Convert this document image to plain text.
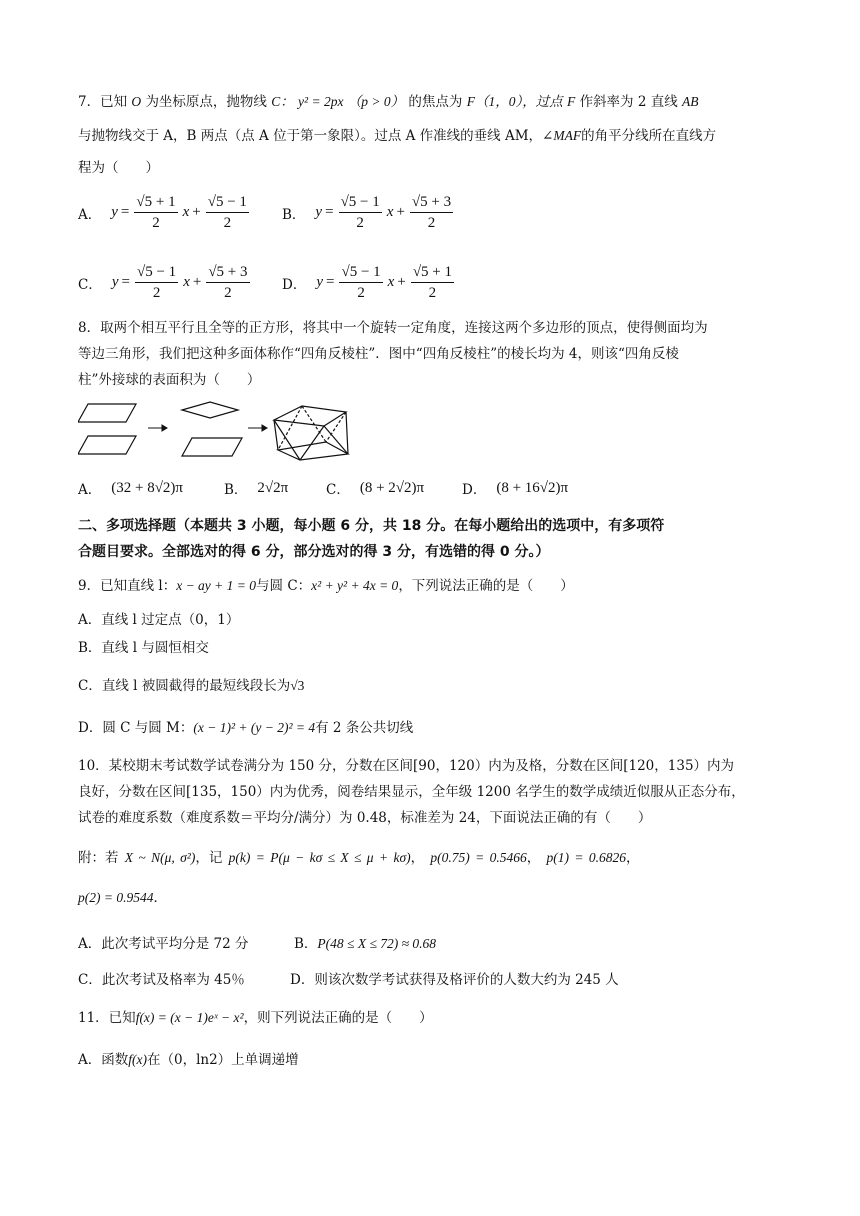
7．已知 O 为坐标原点，抛物线 C： y² = 2px （p > 0） 的焦点为 F（1，0），过点 F 作斜率为 2 直线 AB
与抛物线交于 A，B 两点（点 A 位于第一象限）。过点 A 作准线的垂线 AM，∠MAF的角平分线所在直线方
程为（　　）
A． $y = \frac{√5 + 1}{2}$ $x + \frac{√5 - 1}{2}$ B． $y = \frac{√5 - 1}{2}$ $x + \frac{√5 + 3}{2}$
C． $y = \frac{√5 - 1}{2}$ $x + \frac{√5 + 3}{2}$ D． $y = \frac{√5 - 1}{2}$ $x + \frac{√5 + 1}{2}$
8．取两个相互平行且全等的正方形，将其中一个旋转一定角度，连接这两个多边形的顶点，使得侧面均为
等边三角形，我们把这种多面体称作“四角反棱柱”．图中“四角反棱柱”的棱长均为 4，则该“四角反棱
柱”外接球的表面积为（　　）
A． (32 + 8√2)π	B． 2√2π	C． (8 + 2√2)π	D． (8 + 16√2)π
二、多项选择题（本题共 3 小题，每小题 6 分，共 18 分。在每小题给出的选项中，有多项符
合题目要求。全部选对的得 6 分，部分选对的得 3 分，有选错的得 0 分。）
9．已知直线 l：x − ay + 1 = 0与圆 C：x² + y² + 4x = 0，下列说法正确的是（　　）
A．直线 l 过定点（0，1）
B．直线 l 与圆恒相交
C．直线 l 被圆截得的最短线段长为√3
D．圆 C 与圆 M：(x − 1)² + (y − 2)² = 4有 2 条公共切线
10．某校期末考试数学试卷满分为 150 分，分数在区间[90，120）内为及格，分数在区间[120，135）内为
良好，分数在区间[135，150）内为优秀，阅卷结果显示，全年级 1200 名学生的数学成绩近似服从正态分布，
试卷的难度系数（难度系数＝平均分/满分）为 0.48，标准差为 24，下面说法正确的有（　　）
附：若 X ~ N(μ, σ²)，记 p(k) = P(μ − kσ ≤ X ≤ μ + kσ)， p(0.75) = 0.5466， p(1) = 0.6826，
p(2) = 0.9544．
A．此次考试平均分是 72 分	B．P(48 ≤ X ≤ 72) ≈ 0.68
C．此次考试及格率为 45％	D．则该次数学考试获得及格评价的人数大约为 245 人
11．已知f(x) = (x − 1)eˣ − x²，则下列说法正确的是（　　）
A．函数f(x)在（0，ln2）上单调递增
